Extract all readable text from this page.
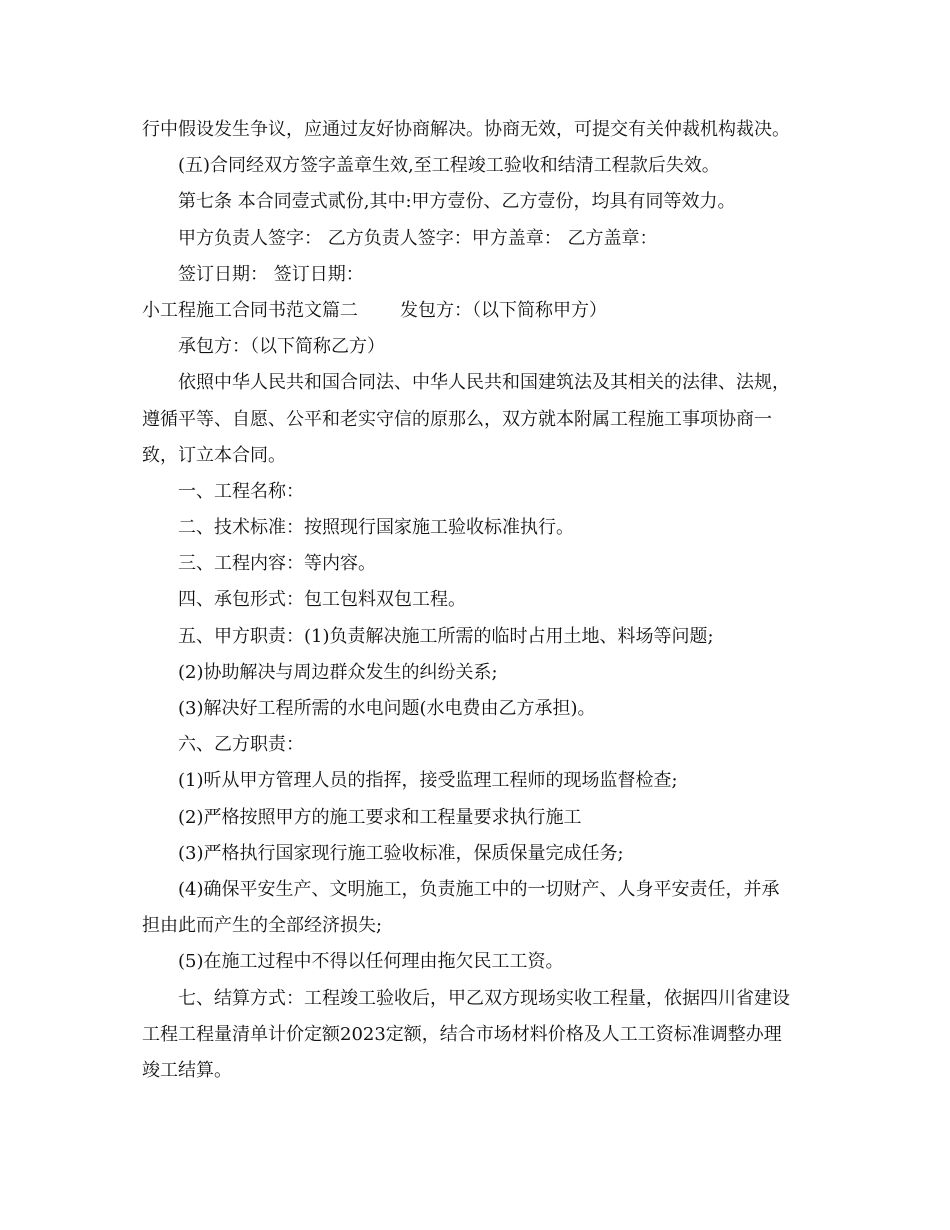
行中假设发生争议，应通过友好协商解决。协商无效，可提交有关仲裁机构裁决。
(五)合同经双方签字盖章生效,至工程竣工验收和结清工程款后失效。
第七条 本合同壹式贰份,其中:甲方壹份、乙方壹份，均具有同等效力。
甲方负责人签字： 乙方负责人签字：甲方盖章： 乙方盖章：
签订日期： 签订日期：
小工程施工合同书范文篇二 发包方：（以下简称甲方）
承包方：（以下简称乙方）
依照中华人民共和国合同法、中华人民共和国建筑法及其相关的法律、法规，
遵循平等、自愿、公平和老实守信的原那么，双方就本附属工程施工事项协商一
致，订立本合同。
一、工程名称：
二、技术标准：按照现行国家施工验收标准执行。
三、工程内容：等内容。
四、承包形式：包工包料双包工程。
五、甲方职责：(1)负责解决施工所需的临时占用土地、料场等问题;
(2)协助解决与周边群众发生的纠纷关系;
(3)解决好工程所需的水电问题(水电费由乙方承担)。
六、乙方职责：
(1)听从甲方管理人员的指挥，接受监理工程师的现场监督检查;
(2)严格按照甲方的施工要求和工程量要求执行施工
(3)严格执行国家现行施工验收标准，保质保量完成任务;
(4)确保平安生产、文明施工，负责施工中的一切财产、人身平安责任，并承
担由此而产生的全部经济损失;
(5)在施工过程中不得以任何理由拖欠民工工资。
七、结算方式：工程竣工验收后，甲乙双方现场实收工程量，依据四川省建设
工程工程量清单计价定额2023定额，结合市场材料价格及人工工资标准调整办理
竣工结算。
